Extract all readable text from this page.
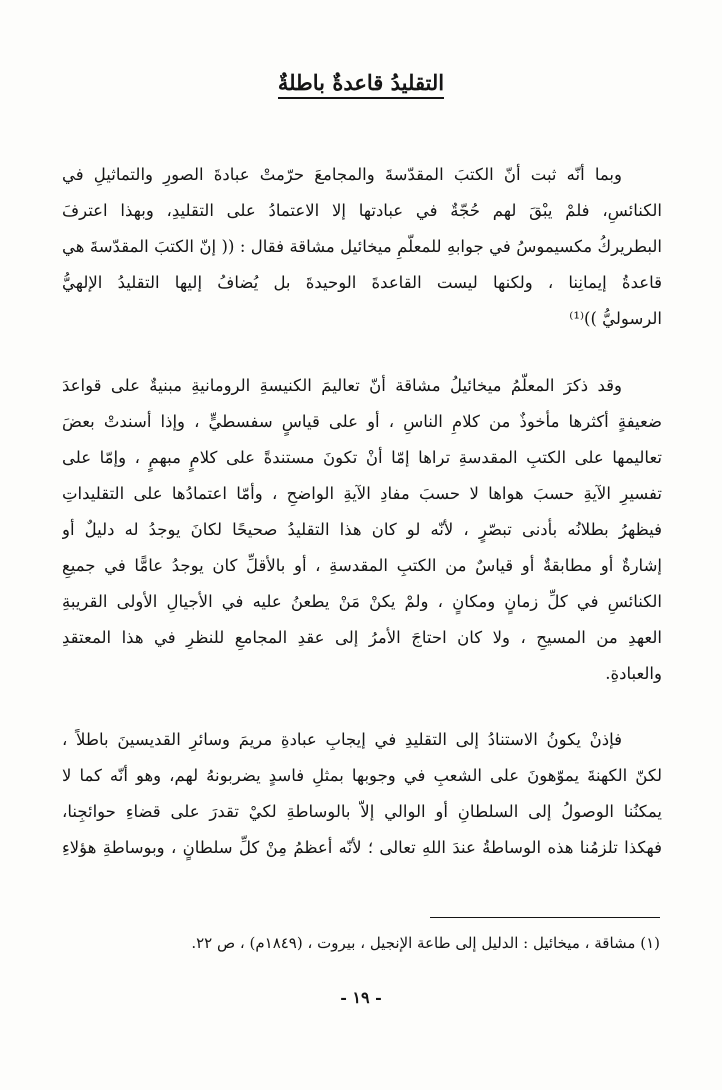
التقليدُ قاعدةٌ باطلةٌ
وبما أنّه ثبت أنّ الكتبَ المقدّسةَ والمجامعَ حرّمتْ عبادةَ الصورِ والتماثيلِ في
الكنائسِ، فلمْ يبْقَ لهم حُجّةٌ في عبادتها إلا الاعتمادُ على التقليدِ، وبهذا اعترفَ
البطريركُ مكسيموسُ في جوابهِ للمعلّمِ ميخائيل مشاقة فقال : (( إنّ الكتبَ المقدّسةَ هي
قاعدةُ إيمانِنا ، ولكنها ليست القاعدةَ الوحيدةَ بل يُضافُ إليها التقليدُ الإلهيُّ
الرسوليُّ ))⁽¹⁾
وقد ذكرَ المعلّمُ ميخائيلُ مشاقة أنّ تعاليمَ الكنيسةِ الرومانيةِ مبنيةٌ على قواعدَ
ضعيفةٍ أكثرها مأخوذٌ من كلامِ الناسِ ، أو على قياسٍ سفسطيٍّ ، وإذا أسندتْ بعضَ
تعاليمها على الكتبِ المقدسةِ تراها إمّا أنْ تكونَ مستندةً على كلامٍ مبهمٍ ، وإمّا على
تفسيرِ الآيةِ حسبَ هواها لا حسبَ مفادِ الآيةِ الواضحِ ، وأمّا اعتمادُها على التقليداتِ
فيظهرُ بطلانُه بأدنى تبصّرٍ ، لأنّه لو كان هذا التقليدُ صحيحًا لكانَ يوجدُ له دليلٌ أو
إشارةٌ أو مطابقةٌ أو قياسٌ من الكتبِ المقدسةِ ، أو بالأقلِّ كان يوجدُ عامًّا في جميعِ
الكنائسِ في كلِّ زمانٍ ومكانٍ ، ولمْ يكنْ مَنْ يطعنُ عليه في الأجيالِ الأولى القريبةِ
العهدِ من المسيحِ ، ولا كان احتاجَ الأمرُ إلى عقدِ المجامعِ للنظرِ في هذا المعتقدِ
والعبادةِ.
فإذنْ يكونُ الاستنادُ إلى التقليدِ في إيجابِ عبادةِ مريمَ وسائرِ القديسينَ باطلاً ،
لكنّ الكهنةَ يموّهونَ على الشعبِ في وجوبها بمثلِ فاسدٍ يضربونهُ لهم، وهو أنّه كما لا
يمكنُنا الوصولُ إلى السلطانِ أو الوالي إلاّ بالوساطةِ لكيْ تقدرَ على قضاءِ حوائجِنا،
فهكذا تلزمُنا هذه الوساطةُ عندَ اللهِ تعالى ؛ لأنّه أعظمُ مِنْ كلِّ سلطانٍ ، وبوساطةِ هؤلاءِ
(١) مشاقة ، ميخائيل : الدليل إلى طاعة الإنجيل ، بيروت ، (١٨٤٩م) ، ص ٢٢.
- ١٩ -
